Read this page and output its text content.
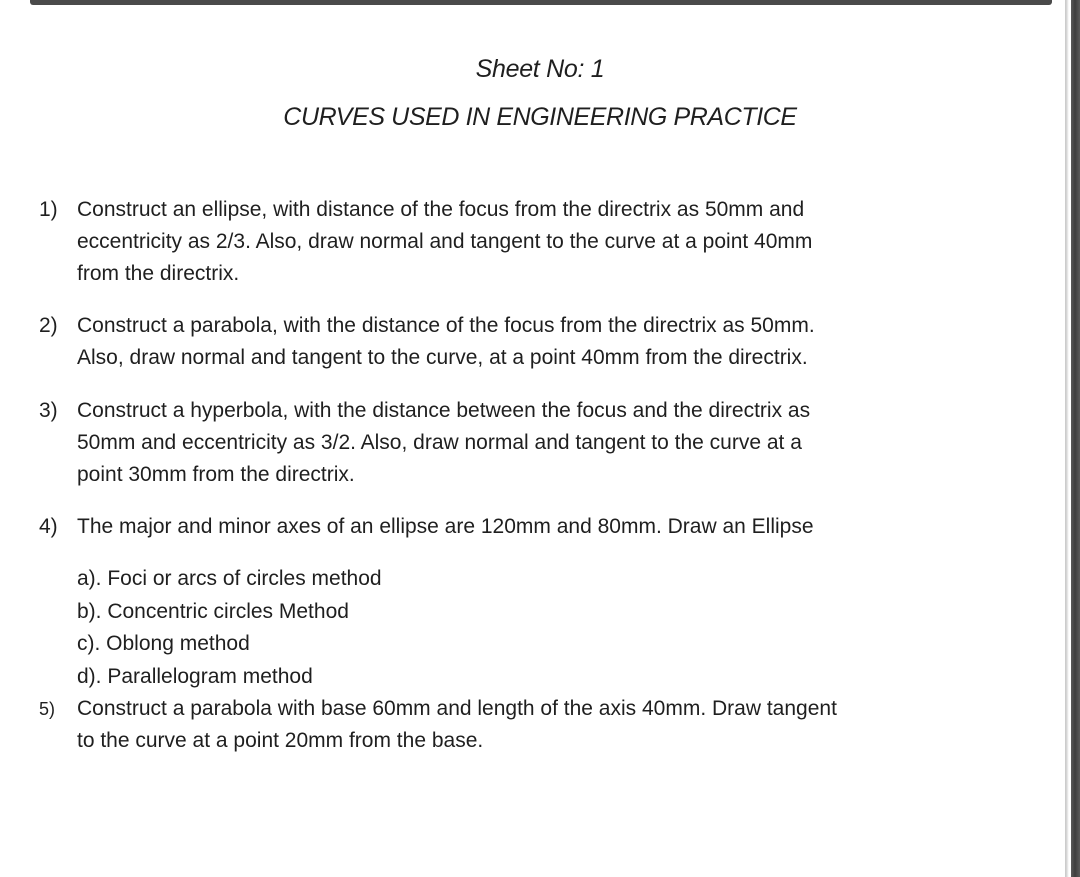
Sheet No: 1
CURVES USED IN ENGINEERING PRACTICE
1) Construct an ellipse, with distance of the focus from the directrix as 50mm and
eccentricity as 2/3. Also, draw normal and tangent to the curve at a point 40mm
from the directrix.
2) Construct a parabola, with the distance of the focus from the directrix as 50mm.
Also, draw normal and tangent to the curve, at a point 40mm from the directrix.
3) Construct a hyperbola, with the distance between the focus and the directrix as
50mm and eccentricity as 3/2. Also, draw normal and tangent to the curve at a
point 30mm from the directrix.
4) The major and minor axes of an ellipse are 120mm and 80mm. Draw an Ellipse
a). Foci or arcs of circles method
b). Concentric circles Method
c). Oblong method
d). Parallelogram method
5) Construct a parabola with base 60mm and length of the axis 40mm. Draw tangent
to the curve at a point 20mm from the base.
